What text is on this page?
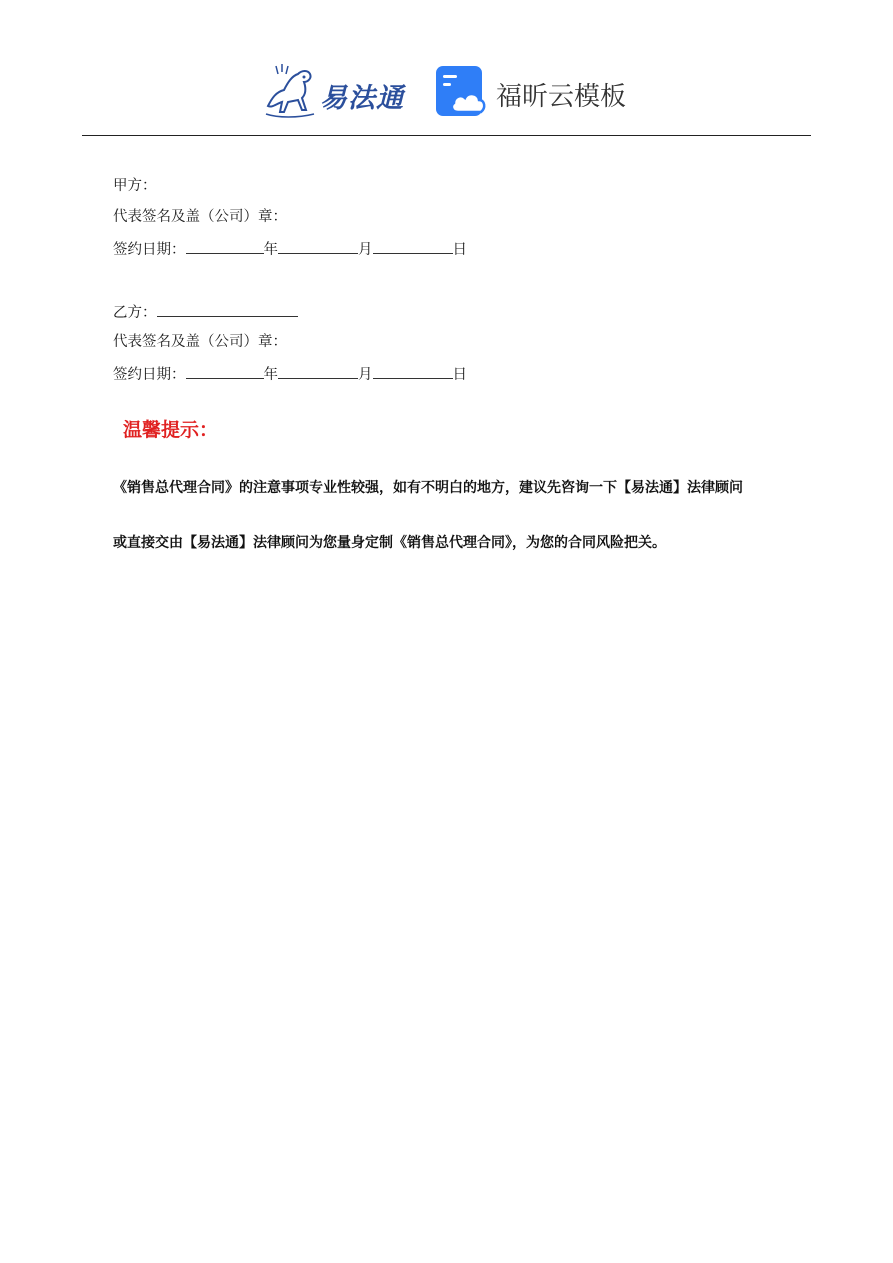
易法通	福昕云模板
甲方：
代表签名及盖（公司）章：
签约日期：	年	月	日
乙方：
代表签名及盖（公司）章：
签约日期：	年	月	日
温馨提示：
《销售总代理合同》的注意事项专业性较强，如有不明白的地方，建议先咨询一下【易法通】法律顾问
或直接交由【易法通】法律顾问为您量身定制《销售总代理合同》，为您的合同风险把关。
